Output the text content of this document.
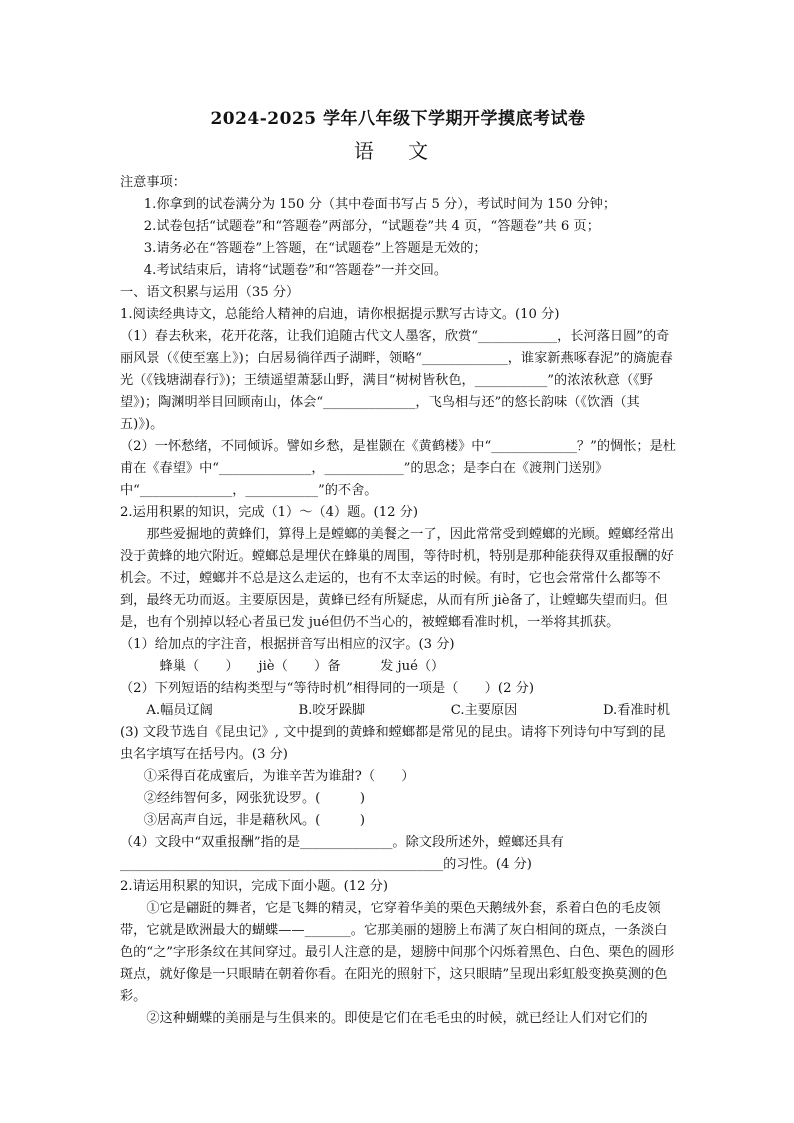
2024-2025 学年八年级下学期开学摸底考试卷

语 文

注意事项：

1.你拿到的试卷满分为 150 分（其中卷面书写占 5 分），考试时间为 150 分钟；

2.试卷包括“试题卷”和“答题卷”两部分，“试题卷”共 4 页，“答题卷”共 6 页；

3.请务必在“答题卷”上答题，在“试题卷”上答题是无效的；

4.考试结束后，请将“试题卷”和“答题卷”一并交回。

一、语文积累与运用（35 分）

1.阅读经典诗文，总能给人精神的启迪，请你根据提示默写古诗文。(10 分)

（1）春去秋来，花开花落，让我们追随古代文人墨客，欣赏“____________，长河落日圆”的奇丽风景（《使至塞上》)；白居易徜徉西子湖畔，领略“_____________，谁家新燕啄春泥”的旖旎春光（《钱塘湖春行》)；王绩遥望萧瑟山野，满目“树树皆秋色，___________”的浓浓秋意（《野望》)；陶渊明举目回顾南山，体会“______________，飞鸟相与还”的悠长韵味（《饮酒（其五)》)。

（2）一怀愁绪，不同倾诉。譬如乡愁，是崔颢在《黄鹤楼》中“_____________？”的惆怅；是杜甫在《春望》中“______________，____________”的思念；是李白在《渡荆门送别》中“______________，___________”的不舍。

2.运用积累的知识，完成（1）～（4）题。(12 分)

那些爱掘地的黄蜂们，算得上是螳螂的美餐之一了，因此常常受到螳螂的光顾。螳螂经常出没于黄蜂的地穴附近。螳螂总是埋伏在蜂巢的周围，等待时机，特别是那种能获得双重报酬的好机会。不过，螳螂并不总是这么走运的，也有不太幸运的时候。有时，它也会常常什么都等不到，最终无功而返。主要原因是，黄蜂已经有所疑虑，从而有所 jiè备了，让螳螂失望而归。但是，也有个别掉以轻心者虽已发 jué但仍不当心的，被螳螂看准时机，一举将其抓获。

（1）给加点的字注音，根据拼音写出相应的汉字。(3 分)

蜂巢（　　）　　jiè（　　）备　　　发 jué（）

（2）下列短语的结构类型与“等待时机”相得同的一项是（　　）(2 分)

A.幅员辽阔	B.咬牙跺脚	C.主要原因	D.看准时机

(3) 文段节选自《昆虫记》, 文中提到的黄蜂和螳螂都是常见的昆虫。请将下列诗句中写到的昆虫名字填写在括号内。(3 分)

①采得百花成蜜后，为谁辛苦为谁甜?（　　）

②经纬智何多，网张犹设罗。(　　　)

③居高声自远，非是藉秋风。(　　　)

（4）文段中“双重报酬”指的是______________。除文段所述外，螳螂还具有_________________________________________________的习性。(4 分)

2.请运用积累的知识，完成下面小题。(12 分)

①它是翩跹的舞者，它是飞舞的精灵，它穿着华美的栗色天鹅绒外套，系着白色的毛皮领带，它就是欧洲最大的蝴蝶——_______。它那美丽的翅膀上布满了灰白相间的斑点，一条淡白色的“之”字形条纹在其间穿过。最引人注意的是，翅膀中间那个闪烁着黑色、白色、栗色的圆形斑点，就好像是一只眼睛在朝着你看。在阳光的照射下，这只眼睛”呈现出彩虹般变换莫测的色彩。

②这种蝴蝶的美丽是与生俱来的。即使是它们在毛毛虫的时候，就已经让人们对它们的
